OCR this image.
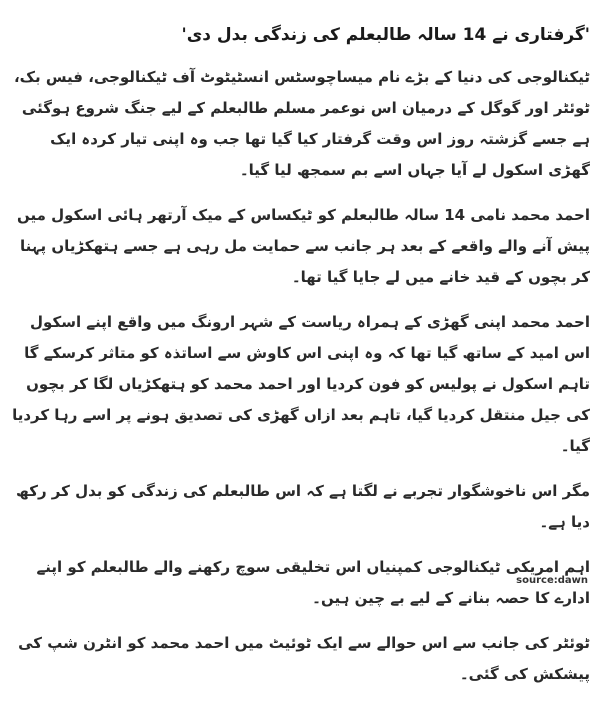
'گرفتاری نے 14 سالہ طالبعلم کی زندگی بدل دی'

ٹیکنالوجی کی دنیا کے بڑے نام میساچوسٹس انسٹیٹوٹ آف ٹیکنالوجی، فیس بک، ٹوئٹر اور گوگل کے درمیان اس نوعمر مسلم طالبعلم کے لیے جنگ شروع ہوگئی ہے جسے گزشتہ روز اس وقت گرفتار کیا گیا تھا جب وہ اپنی تیار کردہ ایک گھڑی اسکول لے آیا جہاں اسے بم سمجھ لیا گیا۔

احمد محمد نامی 14 سالہ طالبعلم کو ٹیکساس کے میک آرتھر ہائی اسکول میں پیش آنے والے واقعے کے بعد ہر جانب سے حمایت مل رہی ہے جسے ہتھکڑیاں پہنا کر بچوں کے قید خانے میں لے جایا گیا تھا۔

احمد محمد اپنی گھڑی کے ہمراہ ریاست کے شہر ارونگ میں واقع اپنے اسکول اس امید کے ساتھ گیا تھا کہ وہ اپنی اس کاوش سے اساتذہ کو متاثر کرسکے گا تاہم اسکول نے پولیس کو فون کردیا اور احمد محمد کو ہتھکڑیاں لگا کر بچوں کی جیل منتقل کردیا گیا، تاہم بعد ازاں گھڑی کی تصدیق ہونے پر اسے رہا کردیا گیا۔

مگر اس ناخوشگوار تجربے نے لگتا ہے کہ اس طالبعلم کی زندگی کو بدل کر رکھ دیا ہے۔

اہم امریکی ٹیکنالوجی کمپنیاں اس تخلیقی سوچ رکھنے والے طالبعلم کو اپنے ادارے کا حصہ بنانے کے لیے بے چین ہیں۔

ٹوئٹر کی جانب سے اس حوالے سے ایک ٹوئیٹ میں احمد محمد کو انٹرن شپ کی پیشکش کی گئی۔

source:dawn
